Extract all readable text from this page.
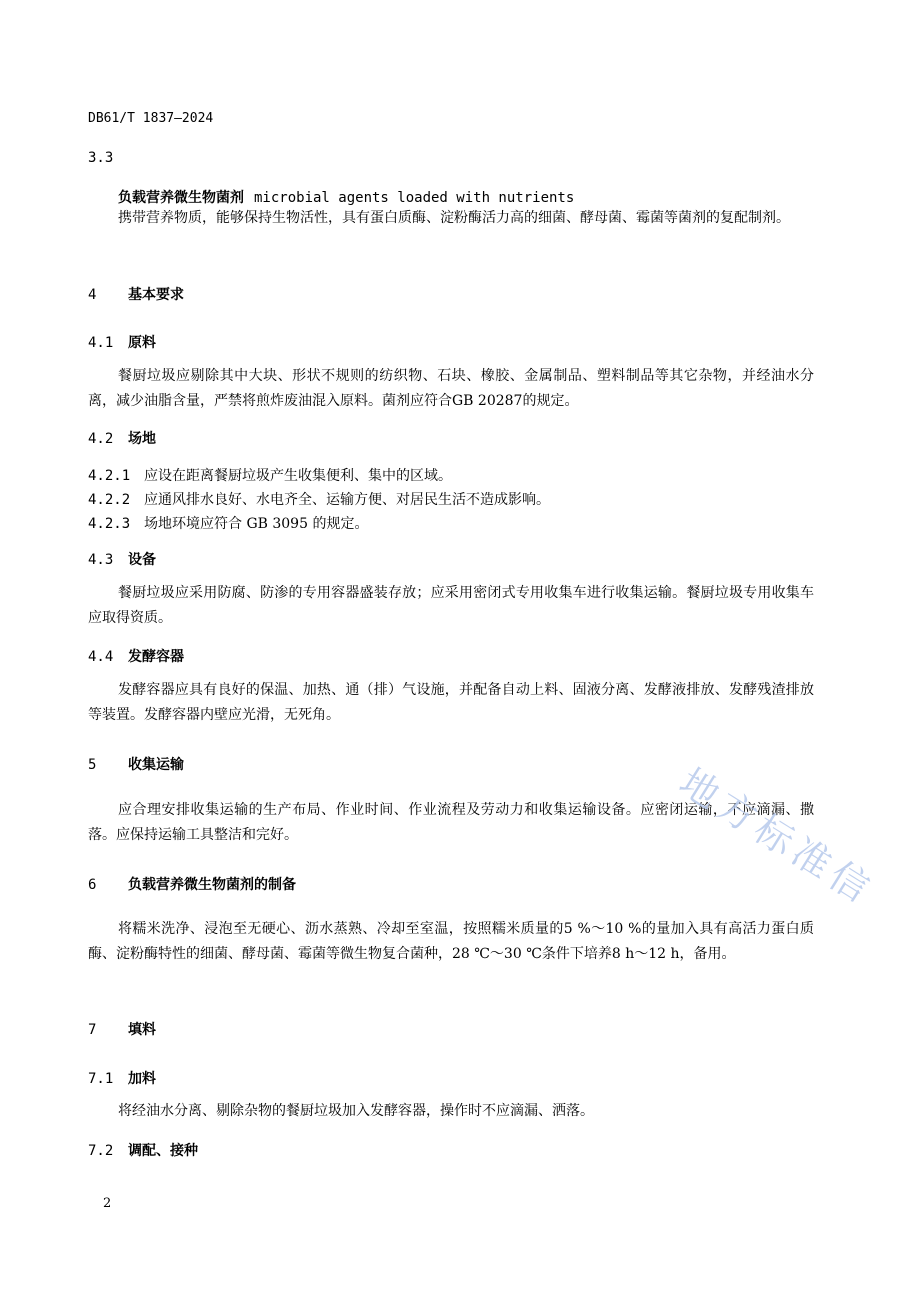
DB61/T 1837—2024
3.3
负载营养微生物菌剂 microbial agents loaded with nutrients
携带营养物质，能够保持生物活性，具有蛋白质酶、淀粉酶活力高的细菌、酵母菌、霉菌等菌剂的复配制剂。
4 基本要求
4.1 原料
餐厨垃圾应剔除其中大块、形状不规则的纺织物、石块、橡胶、金属制品、塑料制品等其它杂物，并经油水分离，减少油脂含量，严禁将煎炸废油混入原料。菌剂应符合GB 20287的规定。
4.2 场地
4.2.1 应设在距离餐厨垃圾产生收集便利、集中的区域。
4.2.2 应通风排水良好、水电齐全、运输方便、对居民生活不造成影响。
4.2.3 场地环境应符合 GB 3095 的规定。
4.3 设备
餐厨垃圾应采用防腐、防渗的专用容器盛装存放；应采用密闭式专用收集车进行收集运输。餐厨垃圾专用收集车应取得资质。
4.4 发酵容器
发酵容器应具有良好的保温、加热、通（排）气设施，并配备自动上料、固液分离、发酵液排放、发酵残渣排放等装置。发酵容器内壁应光滑，无死角。
5 收集运输
应合理安排收集运输的生产布局、作业时间、作业流程及劳动力和收集运输设备。应密闭运输，不应滴漏、撒落。应保持运输工具整洁和完好。
6 负载营养微生物菌剂的制备
将糯米洗净、浸泡至无硬心、沥水蒸熟、冷却至室温，按照糯米质量的5 %～10 %的量加入具有高活力蛋白质酶、淀粉酶特性的细菌、酵母菌、霉菌等微生物复合菌种，28 ℃～30 ℃条件下培养8 h～12 h，备用。
7 填料
7.1 加料
将经油水分离、剔除杂物的餐厨垃圾加入发酵容器，操作时不应滴漏、洒落。
7.2 调配、接种
2
地方标准信
